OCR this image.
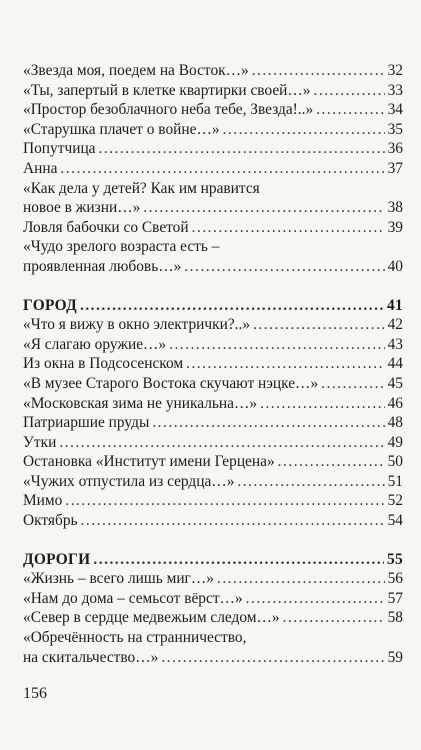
«Звезда моя, поедем на Восток…» .....	32
«Ты, запертый в клетке квартирки своей…» .....	33
«Простор безоблачного неба тебе, Звезда!..» .....	34
«Старушка плачет о войне…» .....	35
Попутчица .....	36
Анна .....	37
«Как дела у детей? Как им нравится
новое в жизни…» .....	38
Ловля бабочки со Светой .....	39
«Чудо зрелого возраста есть –
проявленная любовь…» .....	40
ГОРОД .....	41
«Что я вижу в окно электрички?..» .....	42
«Я слагаю оружие…» .....	43
Из окна в Подсосенском .....	44
«В музее Старого Востока скучают нэцке…» .....	45
«Московская зима не уникальна…» .....	46
Патриаршие пруды .....	48
Утки .....	49
Остановка «Институт имени Герцена» .....	50
«Чужих отпустила из сердца…» .....	51
Мимо .....	52
Октябрь .....	54
ДОРОГИ .....	55
«Жизнь – всего лишь миг…» .....	56
«Нам до дома – семьсот вёрст…» .....	57
«Север в сердце медвежьим следом…» .....	58
«Обречённость на странничество,
на скитальчество…» .....	59
156
